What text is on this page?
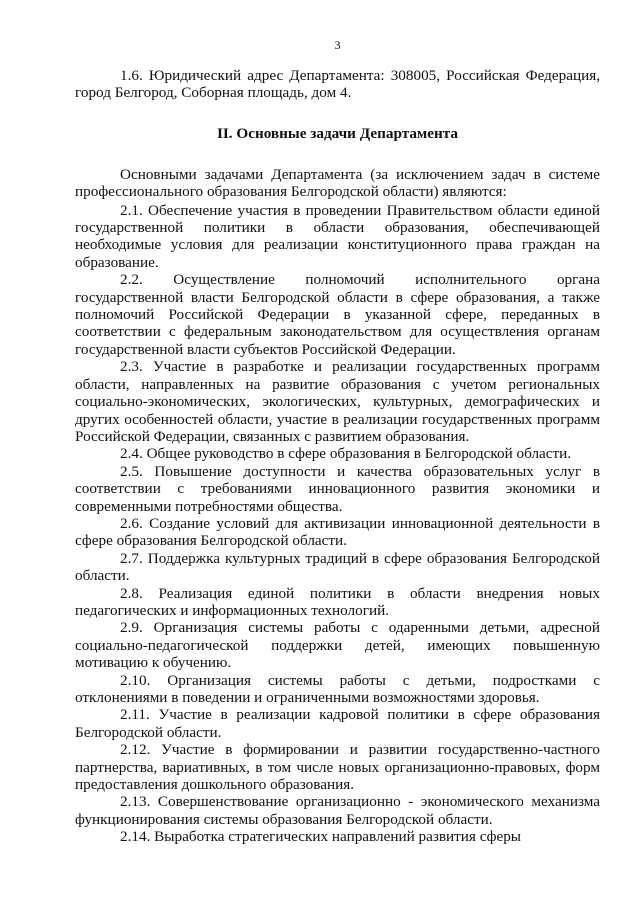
3

1.6. Юридический адрес Департамента: 308005, Российская Федерация, город Белгород, Соборная площадь, дом 4.

II. Основные задачи Департамента

Основными задачами Департамента (за исключением задач в системе профессионального образования Белгородской области) являются:

2.1. Обеспечение участия в проведении Правительством области единой государственной политики в области образования, обеспечивающей необходимые условия для реализации конституционного права граждан на образование.

2.2. Осуществление полномочий исполнительного органа государственной власти Белгородской области в сфере образования, а также полномочий Российской Федерации в указанной сфере, переданных в соответствии с федеральным законодательством для осуществления органам государственной власти субъектов Российской Федерации.

2.3. Участие в разработке и реализации государственных программ области, направленных на развитие образования с учетом региональных социально-экономических, экологических, культурных, демографических и других особенностей области, участие в реализации государственных программ Российской Федерации, связанных с развитием образования.

2.4. Общее руководство в сфере образования в Белгородской области.

2.5. Повышение доступности и качества образовательных услуг в соответствии с требованиями инновационного развития экономики и современными потребностями общества.

2.6. Создание условий для активизации инновационной деятельности в сфере образования Белгородской области.

2.7. Поддержка культурных традиций в сфере образования Белгородской области.

2.8. Реализация единой политики в области внедрения новых педагогических и информационных технологий.

2.9. Организация системы работы с одаренными детьми, адресной социально-педагогической поддержки детей, имеющих повышенную мотивацию к обучению.

2.10. Организация системы работы с детьми, подростками с отклонениями в поведении и ограниченными возможностями здоровья.

2.11. Участие в реализации кадровой политики в сфере образования Белгородской области.

2.12. Участие в формировании и развитии государственно-частного партнерства, вариативных, в том числе новых организационно-правовых, форм предоставления дошкольного образования.

2.13. Совершенствование организационно - экономического механизма функционирования системы образования Белгородской области.

2.14. Выработка стратегических направлений развития сферы
